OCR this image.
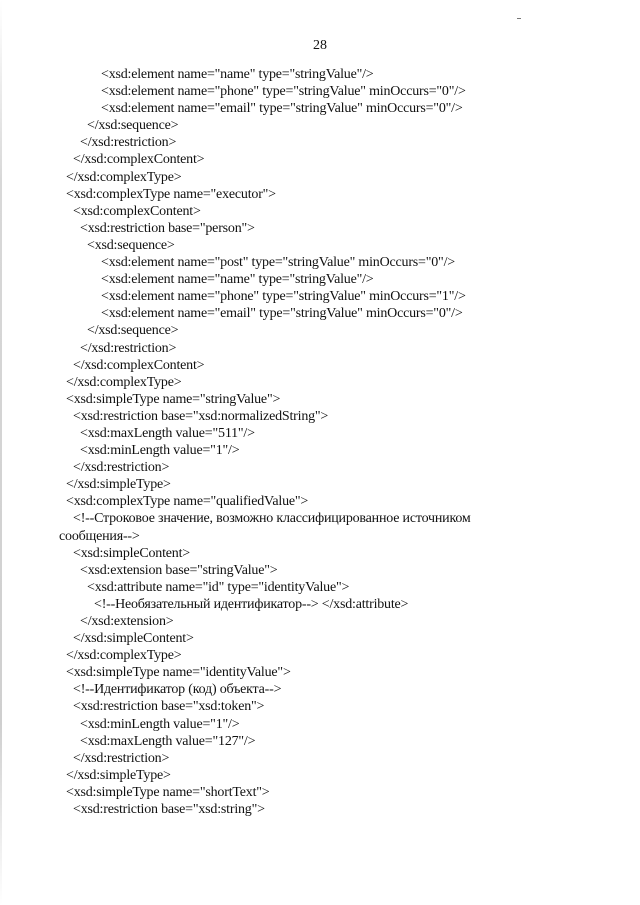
28
<xsd:element name="name" type="stringValue"/>
<xsd:element name="phone" type="stringValue" minOccurs="0"/>
<xsd:element name="email" type="stringValue" minOccurs="0"/>
</xsd:sequence>
</xsd:restriction>
</xsd:complexContent>
</xsd:complexType>
<xsd:complexType name="executor">
<xsd:complexContent>
<xsd:restriction base="person">
<xsd:sequence>
<xsd:element name="post" type="stringValue" minOccurs="0"/>
<xsd:element name="name" type="stringValue"/>
<xsd:element name="phone" type="stringValue" minOccurs="1"/>
<xsd:element name="email" type="stringValue" minOccurs="0"/>
</xsd:sequence>
</xsd:restriction>
</xsd:complexContent>
</xsd:complexType>
<xsd:simpleType name="stringValue">
<xsd:restriction base="xsd:normalizedString">
<xsd:maxLength value="511"/>
<xsd:minLength value="1"/>
</xsd:restriction>
</xsd:simpleType>
<xsd:complexType name="qualifiedValue">
<!--Строковое значение, возможно классифицированное источником
сообщения-->
<xsd:simpleContent>
<xsd:extension base="stringValue">
<xsd:attribute name="id" type="identityValue">
<!--Необязательный идентификатор--> </xsd:attribute>
</xsd:extension>
</xsd:simpleContent>
</xsd:complexType>
<xsd:simpleType name="identityValue">
<!--Идентификатор (код) объекта-->
<xsd:restriction base="xsd:token">
<xsd:minLength value="1"/>
<xsd:maxLength value="127"/>
</xsd:restriction>
</xsd:simpleType>
<xsd:simpleType name="shortText">
<xsd:restriction base="xsd:string">
